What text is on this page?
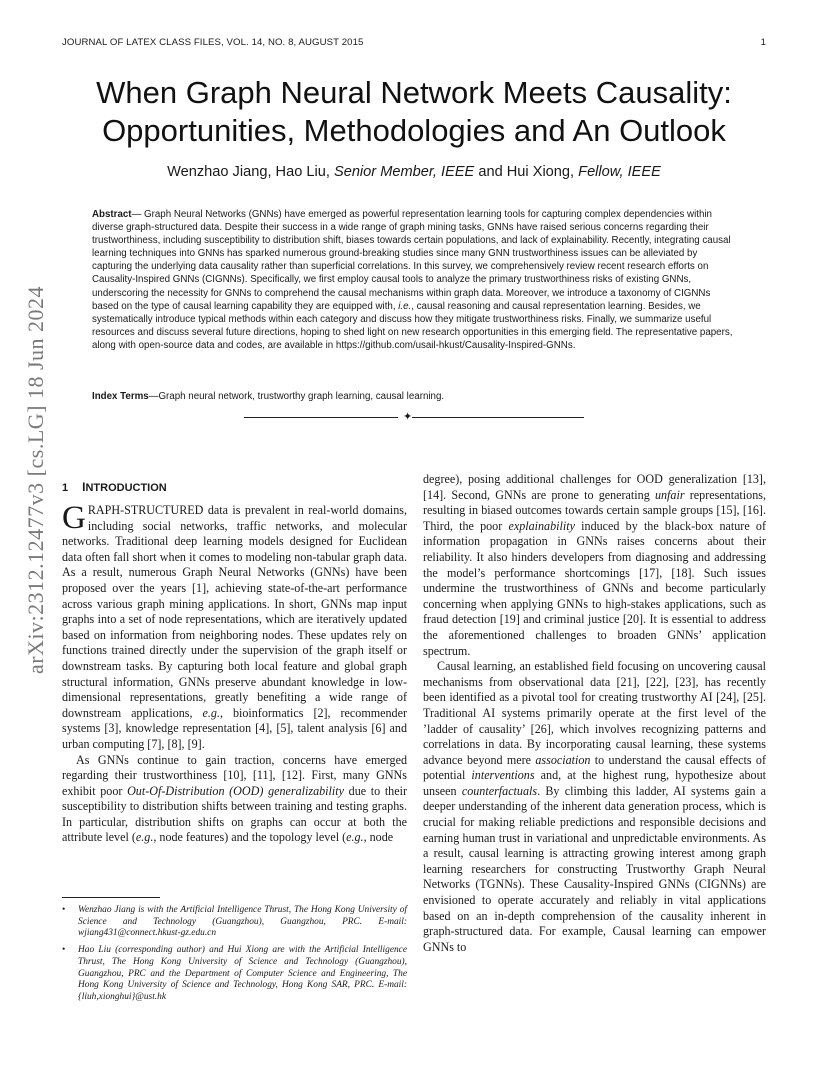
JOURNAL OF LATEX CLASS FILES, VOL. 14, NO. 8, AUGUST 2015	1
arXiv:2312.12477v3 [cs.LG] 18 Jun 2024
When Graph Neural Network Meets Causality:
Opportunities, Methodologies and An Outlook
Wenzhao Jiang, Hao Liu, Senior Member, IEEE and Hui Xiong, Fellow, IEEE
Abstract— Graph Neural Networks (GNNs) have emerged as powerful representation learning tools for capturing complex dependencies within diverse graph-structured data. Despite their success in a wide range of graph mining tasks, GNNs have raised serious concerns regarding their trustworthiness, including susceptibility to distribution shift, biases towards certain populations, and lack of explainability. Recently, integrating causal learning techniques into GNNs has sparked numerous ground-breaking studies since many GNN trustworthiness issues can be alleviated by capturing the underlying data causality rather than superficial correlations. In this survey, we comprehensively review recent research efforts on Causality-Inspired GNNs (CIGNNs). Specifically, we first employ causal tools to analyze the primary trustworthiness risks of existing GNNs, underscoring the necessity for GNNs to comprehend the causal mechanisms within graph data. Moreover, we introduce a taxonomy of CIGNNs based on the type of causal learning capability they are equipped with, i.e., causal reasoning and causal representation learning. Besides, we systematically introduce typical methods within each category and discuss how they mitigate trustworthiness risks. Finally, we summarize useful resources and discuss several future directions, hoping to shed light on new research opportunities in this emerging field. The representative papers, along with open-source data and codes, are available in https://github.com/usail-hkust/Causality-Inspired-GNNs.
Index Terms—Graph neural network, trustworthy graph learning, causal learning.
✦

1 INTRODUCTION

GRAPH-STRUCTURED data is prevalent in real-world domains, including social networks, traffic networks, and molecular networks. Traditional deep learning models designed for Euclidean data often fall short when it comes to modeling non-tabular graph data. As a result, numerous Graph Neural Networks (GNNs) have been proposed over the years [1], achieving state-of-the-art performance across various graph mining applications. In short, GNNs map input graphs into a set of node representations, which are iteratively updated based on information from neighboring nodes. These updates rely on functions trained directly under the supervision of the graph itself or downstream tasks. By capturing both local feature and global graph structural information, GNNs preserve abundant knowledge in low-dimensional representations, greatly benefiting a wide range of downstream applications, e.g., bioinformatics [2], recommender systems [3], knowledge representation [4], [5], talent analysis [6] and urban computing [7], [8], [9].

As GNNs continue to gain traction, concerns have emerged regarding their trustworthiness [10], [11], [12]. First, many GNNs exhibit poor Out-Of-Distribution (OOD) generalizability due to their susceptibility to distribution shifts between training and testing graphs. In particular, distribution shifts on graphs can occur at both the attribute level (e.g., node features) and the topology level (e.g., node

• Wenzhao Jiang is with the Artificial Intelligence Thrust, The Hong Kong University of Science and Technology (Guangzhou), Guangzhou, PRC. E-mail: wjiang431@connect.hkust-gz.edu.cn
• Hao Liu (corresponding author) and Hui Xiong are with the Artificial Intelligence Thrust, The Hong Kong University of Science and Technology (Guangzhou), Guangzhou, PRC and the Department of Computer Science and Engineering, The Hong Kong University of Science and Technology, Hong Kong SAR, PRC. E-mail: {liuh,xionghui}@ust.hk

degree), posing additional challenges for OOD generalization [13], [14]. Second, GNNs are prone to generating unfair representations, resulting in biased outcomes towards certain sample groups [15], [16]. Third, the poor explainability induced by the black-box nature of information propagation in GNNs raises concerns about their reliability. It also hinders developers from diagnosing and addressing the model’s performance shortcomings [17], [18]. Such issues undermine the trustworthiness of GNNs and become particularly concerning when applying GNNs to high-stakes applications, such as fraud detection [19] and criminal justice [20]. It is essential to address the aforementioned challenges to broaden GNNs’ application spectrum.

Causal learning, an established field focusing on uncovering causal mechanisms from observational data [21], [22], [23], has recently been identified as a pivotal tool for creating trustworthy AI [24], [25]. Traditional AI systems primarily operate at the first level of the ’ladder of causality’ [26], which involves recognizing patterns and correlations in data. By incorporating causal learning, these systems advance beyond mere association to understand the causal effects of potential interventions and, at the highest rung, hypothesize about unseen counterfactuals. By climbing this ladder, AI systems gain a deeper understanding of the inherent data generation process, which is crucial for making reliable predictions and responsible decisions and earning human trust in variational and unpredictable environments. As a result, causal learning is attracting growing interest among graph learning researchers for constructing Trustworthy Graph Neural Networks (TGNNs). These Causality-Inspired GNNs (CIGNNs) are envisioned to operate accurately and reliably in vital applications based on an in-depth comprehension of the causality inherent in graph-structured data. For example, Causal learning can empower GNNs to
